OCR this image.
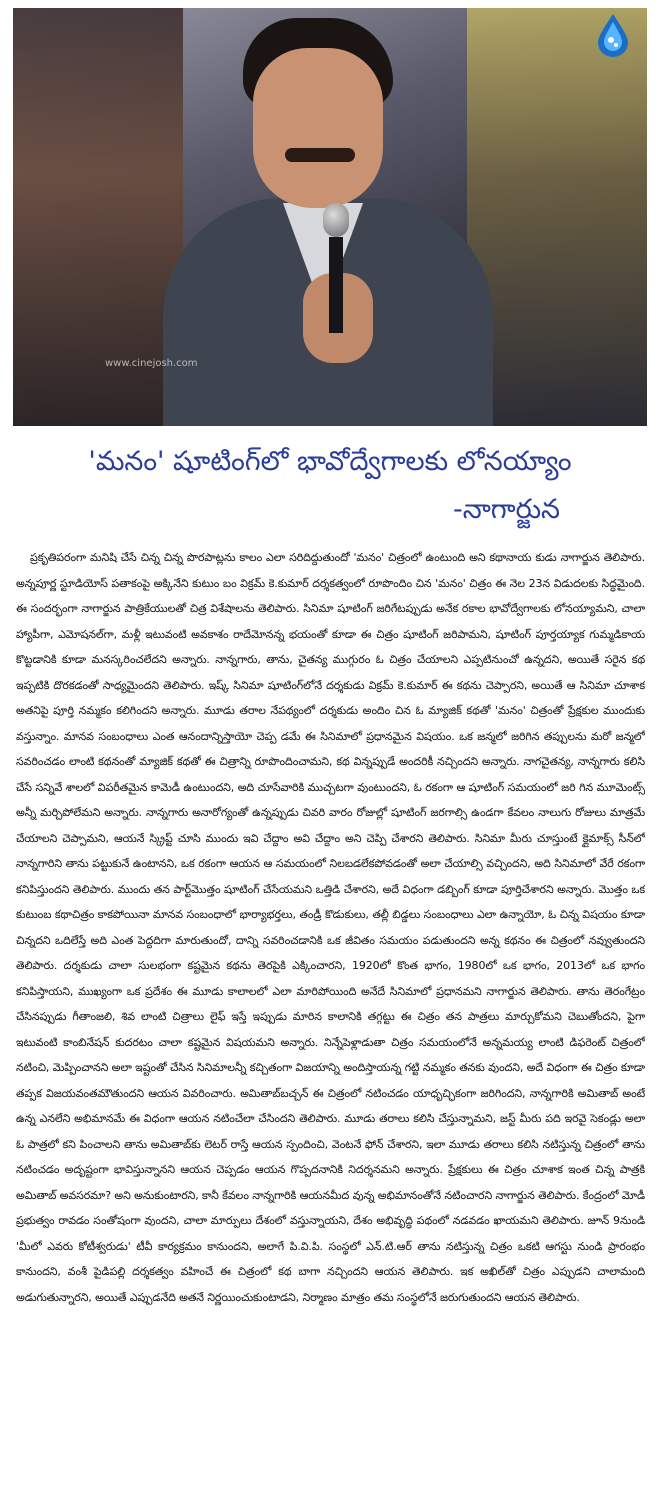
www.cinejosh.com
'మనం' షూటింగ్‌లో భావోద్వేగాలకు లోనయ్యాం
-నాగార్జున
ప్రకృతిపరంగా మనిషి చేసే చిన్న చిన్న పొరపాట్లను కాలం ఎలా సరిదిద్దుతుందో 'మనం' చిత్రంలో ఉంటుంది అని కథానాయ కుడు నాగార్జున తెలిపారు. అన్నపూర్ణ స్టూడియోస్ పతాకంపై అక్కినేని కుటుం బం విక్రమ్ కె.కుమార్ దర్శకత్వంలో రూపొందిం చిన 'మనం' చిత్రం ఈ నెల 23న విడుదలకు సిద్ధమైంది. ఈ సందర్భంగా నాగార్జున పాత్రికేయులతో చిత్ర విశేషాలను తెలిపారు. సినిమా షూటింగ్ జరిగేటప్పుడు అనేక రకాల భావోద్వేగాలకు లోనయ్యామని, చాలా హ్యాపీగా, ఎమోషనల్‌గా, మళ్లీ ఇటువంటి అవకాశం రాదేమోనన్న భయంతో కూడా ఈ చిత్రం షూటింగ్ జరిపామని, షూటింగ్ పూర్తయ్యాక గుమ్మడికాయ కొట్టడానికి కూడా మనస్కరించలేదని అన్నారు. నాన్నగారు, తాను, చైతన్య ముగ్గురం ఓ చిత్రం చేయాలని ఎప్పటినుంచో ఉన్నదని, అయితే సరైన కథ ఇప్పటికి దొరకడంతో సాధ్యమైందని తెలిపారు. ఇష్క్ సినిమా షూటింగ్‌లోనే దర్శకుడు విక్రమ్ కె.కుమార్ ఈ కథను చెప్పారని, అయితే ఆ సినిమా చూశాక అతనిపై పూర్తి నమ్మకం కలిగిందని అన్నారు. మూడు తరాల నేపథ్యంలో దర్శకుడు అందిం చిన ఓ మ్యాజిక్ కథతో 'మనం' చిత్రంతో ప్రేక్షకుల ముందుకు వస్తున్నాం. మానవ సంబంధాలు ఎంత ఆనందాన్నిస్తాయో చెప్ప డమే ఈ సినిమాలో ప్రధానమైన విషయం. ఒక జన్మలో జరిగిన తప్పులను మరో జన్మలో సవరించడం లాంటి కథనంతో మ్యాజిక్ కథతో ఈ చిత్రాన్ని రూపొందించామని, కథ విన్నప్పుడే అందరికీ నచ్చిందని అన్నారు. నాగచైతన్య, నాన్నగారు కలిసి చేసే సన్నివే శాలలో విపరీతమైన కామెడీ ఉంటుందని, అది చూసేవారికి ముచ్చటగా వుంటుందని, ఓ రకంగా ఆ షూటింగ్ సమయంలో జరి గిన మూమెంట్స్ అన్నీ మర్చిపోలేమని అన్నారు. నాన్నగారు అనారోగ్యంతో ఉన్నప్పుడు చివరి వారం రోజుల్లో షూటింగ్ జరగాల్సి ఉండగా కేవలం నాలుగు రోజులు మాత్రమే చేయాలని చెప్పామని, ఆయనే స్క్రిప్ట్ చూసి ముందు ఇవి చేద్దాం అవి చేద్దాం అని చెప్పి చేశారని తెలిపారు. సినిమా మీరు చూస్తుంటే క్లైమాక్స్ సీన్‌లో నాన్నగారిని తాను పట్టుకునే ఉంటానని, ఒక రకంగా ఆయన ఆ సమయంలో నిలబడలేకపోవడంతో అలా చేయాల్సి వచ్చిందని, అది సినిమాలో వేరే రకంగా కనిపిస్తుందని తెలిపారు. ముందు తన పార్ట్‌మొత్తం షూటింగ్ చేసేయమని ఒత్తిడి చేశారని, అదే విధంగా డబ్బింగ్ కూడా పూర్తిచేశారని అన్నారు. మొత్తం ఒక కుటుంబ కథాచిత్రం కాకపోయినా మానవ సంబంధాలో భార్యాభర్తలు, తండ్రీ కొడుకులు, తల్లీ బిడ్డలు సంబంధాలు ఎలా ఉన్నాయో, ఓ చిన్న విషయం కూడా చిన్నదని ఒదిలేస్తే అది ఎంత పెద్దదిగా మారుతుందో, దాన్ని సవరించడానికి ఒక జీవితం సమయం పడుతుందని అన్న కథనం ఈ చిత్రంలో నవ్వుతుందని తెలిపారు. దర్శకుడు చాలా సులభంగా కష్టమైన కథను తెరపైకి ఎక్కించారని, 1920లో కొంత భాగం, 1980లో ఒక భాగం, 2013లో ఒక భాగం కనిపిస్తాయని, ముఖ్యంగా ఒక ప్రదేశం ఈ మూడు కాలాలలో ఎలా మారిపోయింది అనేదే సినిమాలో ప్రధానమని నాగార్జున తెలిపారు. తాను తెరంగేట్రం చేసినప్పుడు గీతాంజలి, శివ లాంటి చిత్రాలు లైఫ్ ఇస్తే ఇప్పుడు మారిన కాలానికి తగ్గట్టు ఈ చిత్రం తన పాత్రలు మార్చుకోమని చెబుతోందని, పైగా ఇటువంటి కాంబినేషన్ కుదరటం చాలా కష్టమైన విషయమని అన్నారు. నిన్నేపెళ్లాడుతా చిత్రం సమయంలోనే అన్నమయ్య లాంటి డిఫరెంట్ చిత్రంలో నటించి, మెప్పించానని అలా ఇష్టంతో చేసిన సినిమాలన్నీ కచ్చితంగా విజయాన్ని అందిస్తాయన్న గట్టి నమ్మకం తనకు వుందని, అదే విధంగా ఈ చిత్రం కూడా తప్పక విజయవంతమౌతుందని ఆయన వివరించారు. అమితాబ్‌బచ్చన్ ఈ చిత్రంలో నటించడం యాధృచ్ఛికంగా జరిగిందని, నాన్నగారికి అమితాబ్ అంటే ఉన్న ఎనలేని అభిమానమే ఈ విధంగా ఆయన నటించేలా చేసిందని తెలిపారు. మూడు తరాలు కలిసి చేస్తున్నామని, జస్ట్ మీరు పది ఇరవై సెకండ్లు అలా ఓ పాత్రలో కని పించాలని తాను అమితాబ్‌కు లెటర్ రాస్తే ఆయన స్పందించి, వెంటనే ఫోన్ చేశారని, ఇలా మూడు తరాలు కలిసి నటిస్తున్న చిత్రంలో తాను నటించడం అదృష్టంగా భావిస్తున్నానని ఆయన చెప్పడం ఆయన గొప్పదనానికి నిదర్శనమని అన్నారు. ప్రేక్షకులు ఈ చిత్రం చూశాక ఇంత చిన్న పాత్రకి అమితాబ్ అవసరమా? అని అనుకుంటారని, కానీ కేవలం నాన్నగారికి ఆయనమీద వున్న అభిమానంతోనే నటించారని నాగార్జున తెలిపారు. కేంద్రంలో మోడీ ప్రభుత్వం రావడం సంతోషంగా వుందని, చాలా మార్పులు దేశంలో వస్తున్నాయని, దేశం అభివృద్ధి పథంలో నడవడం ఖాయమని తెలిపారు. జూన్ 9నుండి 'మీలో ఎవరు కోటీశ్వరుడు' టీవీ కార్యక్రమం కానుందని, అలాగే పి.వి.పి. సంస్థలో ఎన్.టి.ఆర్ తాను నటిస్తున్న చిత్రం ఒకటి ఆగస్టు నుండి ప్రారంభం కానుందని, వంశీ పైడిపల్లి దర్శకత్వం వహించే ఈ చిత్రంలో కథ బాగా నచ్చిందని ఆయన తెలిపారు. ఇక అఖిల్‌తో చిత్రం ఎప్పుడని చాలామంది అడుగుతున్నారని, అయితే ఎప్పుడనేది అతనే నిర్ణయించుకుంటాడని, నిర్మాణం మాత్రం తమ సంస్థలోనే జరుగుతుందని ఆయన తెలిపారు.
